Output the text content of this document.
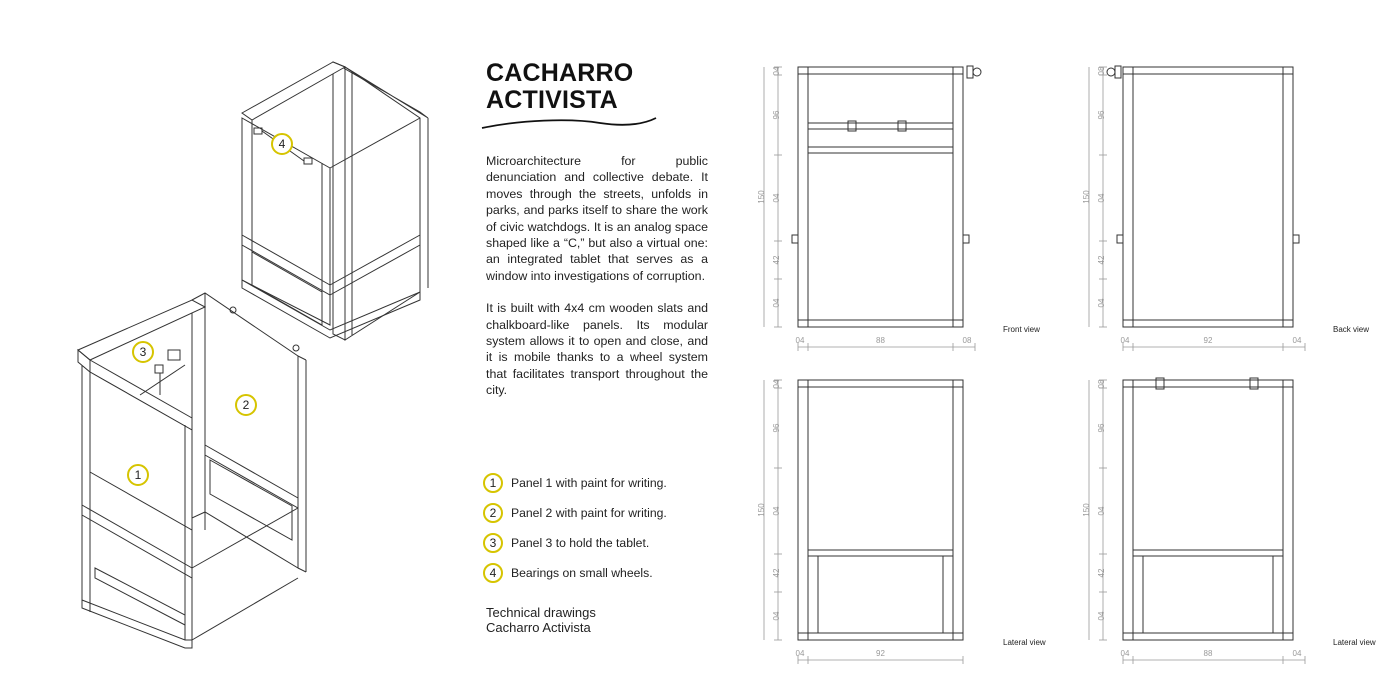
1
2
3
4
CACHARRO
ACTIVISTA

Microarchitecture for public denunciation and collective debate. It moves through the streets, unfolds in parks, and parks itself to share the work of civic watchdogs. It is an analog space shaped like a “C,” but also a virtual one: an integrated tablet that serves as a window into investigations of corruption.

It is built with 4x4 cm wooden slats and chalkboard-like panels. Its modular system allows it to open and close, and it is mobile thanks to a wheel system that facilitates transport throughout the city.

1	Panel 1 with paint for writing.
2	Panel 2 with paint for writing.
3	Panel 3 to hold the tablet.
4	Bearings on small wheels.
Technical drawings
Cacharro Activista
04
96
04
42
04
150
04	88	08
Front view
08
96
04
42
04
150
04	92	04
Back view
04
96
04
42
04
150
04	92
Lateral view
08
96
04
42
04
150
04	88	04
Lateral view
